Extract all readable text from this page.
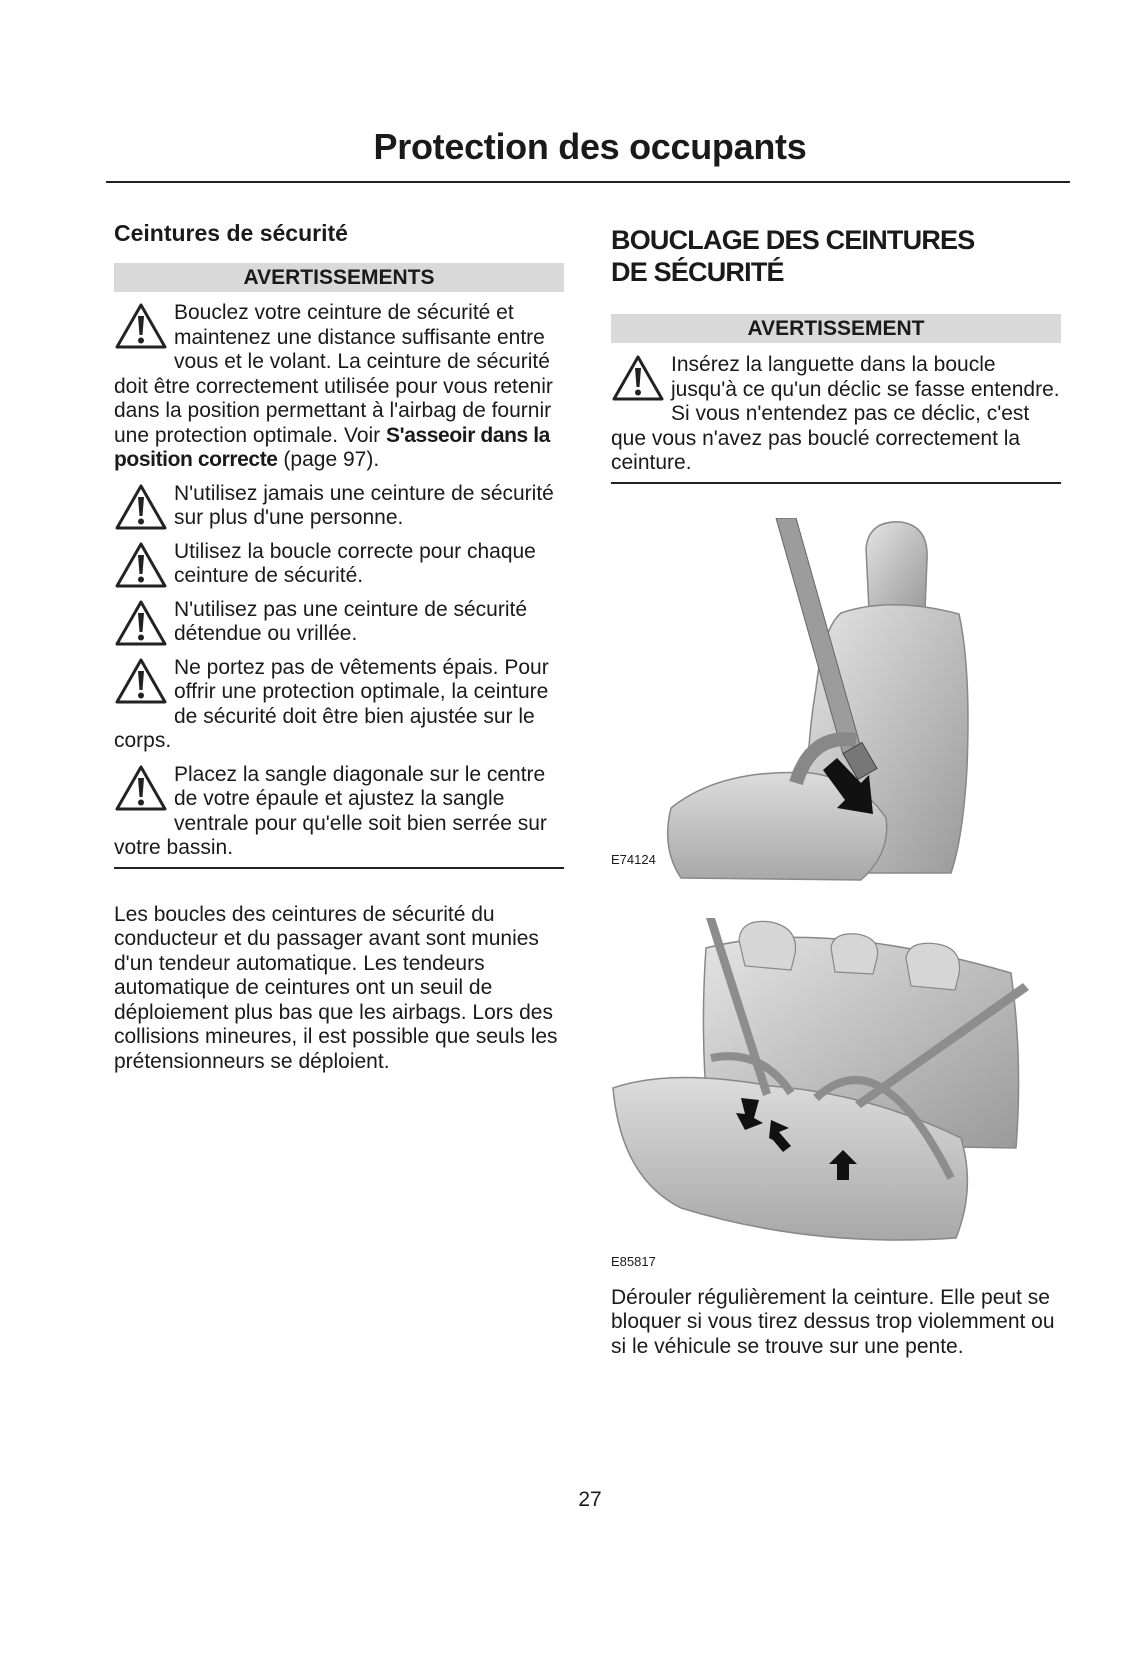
Protection des occupants
Ceintures de sécurité
AVERTISSEMENTS
Bouclez votre ceinture de sécurité et maintenez une distance suffisante entre vous et le volant. La ceinture de sécurité doit être correctement utilisée pour vous retenir dans la position permettant à l'airbag de fournir une protection optimale. Voir S'asseoir dans la position correcte (page 97).
N'utilisez jamais une ceinture de sécurité sur plus d'une personne.
Utilisez la boucle correcte pour chaque ceinture de sécurité.
N'utilisez pas une ceinture de sécurité détendue ou vrillée.
Ne portez pas de vêtements épais. Pour offrir une protection optimale, la ceinture de sécurité doit être bien ajustée sur le corps.
Placez la sangle diagonale sur le centre de votre épaule et ajustez la sangle ventrale pour qu'elle soit bien serrée sur votre bassin.

Les boucles des ceintures de sécurité du conducteur et du passager avant sont munies d'un tendeur automatique. Les tendeurs automatique de ceintures ont un seuil de déploiement plus bas que les airbags. Lors des collisions mineures, il est possible que seuls les prétensionneurs se déploient.

BOUCLAGE DES CEINTURES
DE SÉCURITÉ
AVERTISSEMENT
Insérez la languette dans la boucle jusqu'à ce qu'un déclic se fasse entendre. Si vous n'entendez pas ce déclic, c'est que vous n'avez pas bouclé correctement la ceinture.
E74124
E85817

Dérouler régulièrement la ceinture. Elle peut se bloquer si vous tirez dessus trop violemment ou si le véhicule se trouve sur une pente.

27
